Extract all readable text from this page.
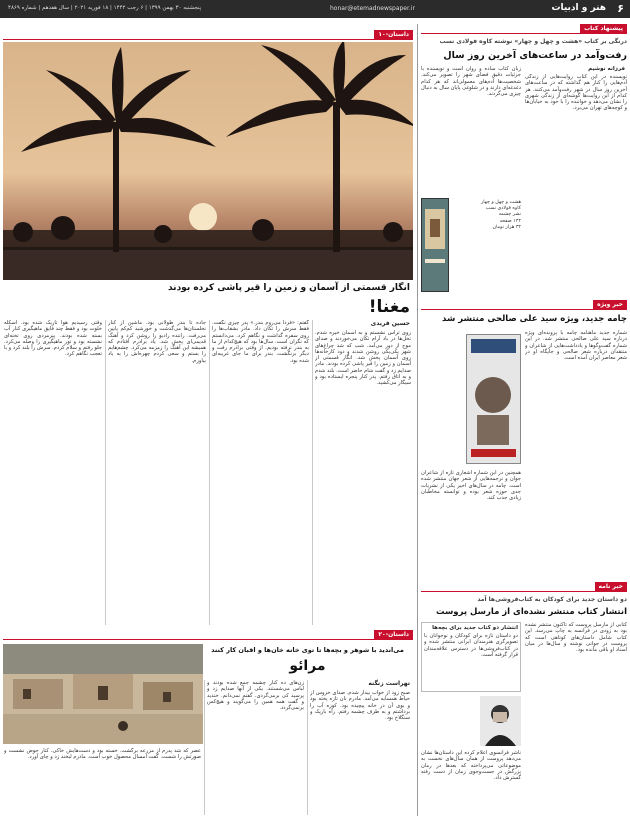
۶
هنر و ادبیات
honar@etemadnewspaper.ir
پنجشنبه ۳۰ بهمن ۱۳۹۹ | ۶ رجب ۱۴۴۲ | ۱۸ فوریه ۲۰۲۱ | سال هفدهم | شماره ۴۸۶۹
داستان-۱۰
انگار قسمتی از آسمان و زمین را قیر پاشی کرده بودند
مغنا!
حسین فریدی
روی تراس نشستم و به آسمان خیره شدم. نخل‌ها در باد آرام تکان می‌خوردند و صدای موج از دور می‌آمد. شب که شد چراغ‌های شهر یکی‌یکی روشن شدند و دود کارخانه‌ها روی آسمان پخش شد. انگار قسمتی از آسمان و زمین را قیر پاشی کرده بودند. مادر صدایم زد و گفت شام حاضر است. بلند شدم و به اتاق رفتم. پدر کنار پنجره ایستاده بود و سیگار می‌کشید.
گفتم: «فردا می‌روم بندر.» پدر چیزی نگفت. فقط سرش را تکان داد. مادر بشقاب‌ها را روی سفره گذاشت و نگاهم کرد. می‌دانستم که نگران است. سال‌ها بود که هیچ‌کدام از ما به بندر نرفته بودیم. از وقتی برادرم رفت و دیگر برنگشت، بندر برای ما جای غریبه‌ای شده بود.
جاده تا بندر طولانی بود. ماشین از کنار نخلستان‌ها می‌گذشت و خورشید کم‌کم پایین می‌رفت. راننده رادیو را روشن کرد و آهنگ قدیمی‌ای پخش شد. یاد برادرم افتادم که همیشه این آهنگ را زمزمه می‌کرد. چشم‌هایم را بستم و سعی کردم چهره‌اش را به یاد بیاورم.
وقتی رسیدیم هوا تاریک شده بود. اسکله خلوت بود و فقط چند قایق ماهیگیری کنار آب بسته شده بودند. پیرمردی روی تخته‌ای نشسته بود و تور ماهیگیری را وصله می‌کرد. جلو رفتم و سلام کردم. سرش را بلند کرد و با تعجب نگاهم کرد.
داستان-۲۰
می‌اندید با شوهر و بچه‌ها تا توی خانه خان‌ها و اقبان کار کنند
مرائو
تهراست زنگنه
صبح زود از خواب بیدار شدم. صدای خروس از حیاط همسایه می‌آمد. مادرم نان تازه پخته بود و بوی آن در خانه پیچیده بود. کوزه آب را برداشتم و به طرف چشمه رفتم. راه باریک و سنگلاخ بود.
زن‌های ده کنار چشمه جمع شده بودند و لباس می‌شستند. یکی از آنها صدایم زد و پرسید کی برمی‌گردی. گفتم نمی‌دانم. خندید و گفت همه همین را می‌گویند و هیچ‌کس برنمی‌گردد.
عصر که شد پدرم از مزرعه برگشت. خسته بود و دست‌هایش خاکی. کنار حوض نشست و صورتش را شست. گفت امسال محصول خوب است. مادرم لبخند زد و چای آورد.
پیشنهاد کتاب
درنگی بر کتاب «هشت و چهل و چهار» نوشته کاوه فولادی نسب
رفت‌وآمد در ساعت‌های آخرین روز سال
فرزانه نوشیم
نویسنده در این کتاب روایت‌هایی از زندگی آدم‌هایی را کنار هم گذاشته که در ساعت‌های آخرین روز سال در شهر رفت‌وآمد می‌کنند. هر کدام از این روایت‌ها گوشه‌ای از زندگی شهری را نشان می‌دهد و خواننده را با خود به خیابان‌ها و کوچه‌های تهران می‌برد.
زبان کتاب ساده و روان است و نویسنده با جزئیات دقیق فضای شهر را تصویر می‌کند. شخصیت‌ها آدم‌های معمولی‌اند که هر کدام دغدغه‌ای دارند و در شلوغی پایان سال به دنبال چیزی می‌گردند.
هشت و چهل و چهار
کاوه فولادی نسب
نشر چشمه
۱۴۴ صفحه
۳۴ هزار تومان
خبر ویژه
چامه جدید، ویژه سید علی صالحی منتشر شد
شماره جدید ماهنامه چامه با پرونده‌ای ویژه درباره سید علی صالحی منتشر شد. در این شماره گفت‌وگوها و یادداشت‌هایی از شاعران و منتقدان درباره شعر صالحی و جایگاه او در شعر معاصر ایران آمده است.
همچنین در این شماره اشعاری تازه از شاعران جوان و ترجمه‌هایی از شعر جهان منتشر شده است. چامه در سال‌های اخیر یکی از نشریات جدی حوزه شعر بوده و توانسته مخاطبان زیادی جذب کند.
خبر نامه
دو داستان جدید برای کودکان به کتاب‌فروشی‌ها آمد
انتشار کتاب منتشر نشده‌ای از مارسل پروست
کتابی از مارسل پروست که تاکنون منتشر نشده بود به زودی در فرانسه به چاپ می‌رسد. این کتاب شامل داستان‌های کوتاهی است که پروست در جوانی نوشته و سال‌ها در میان اسناد او باقی مانده بود.
انتشار دو کتاب جدید برای بچه‌ها
دو داستان تازه برای کودکان و نوجوانان با تصویرگری هنرمندان ایرانی منتشر شده و در کتاب‌فروشی‌ها در دسترس علاقه‌مندان قرار گرفته است.
ناشر فرانسوی اعلام کرده این داستان‌ها نشان می‌دهد پروست از همان سال‌های نخست به موضوعاتی می‌پرداخته که بعدها در رمان بزرگش در جست‌وجوی زمان از دست رفته گسترش داد.
